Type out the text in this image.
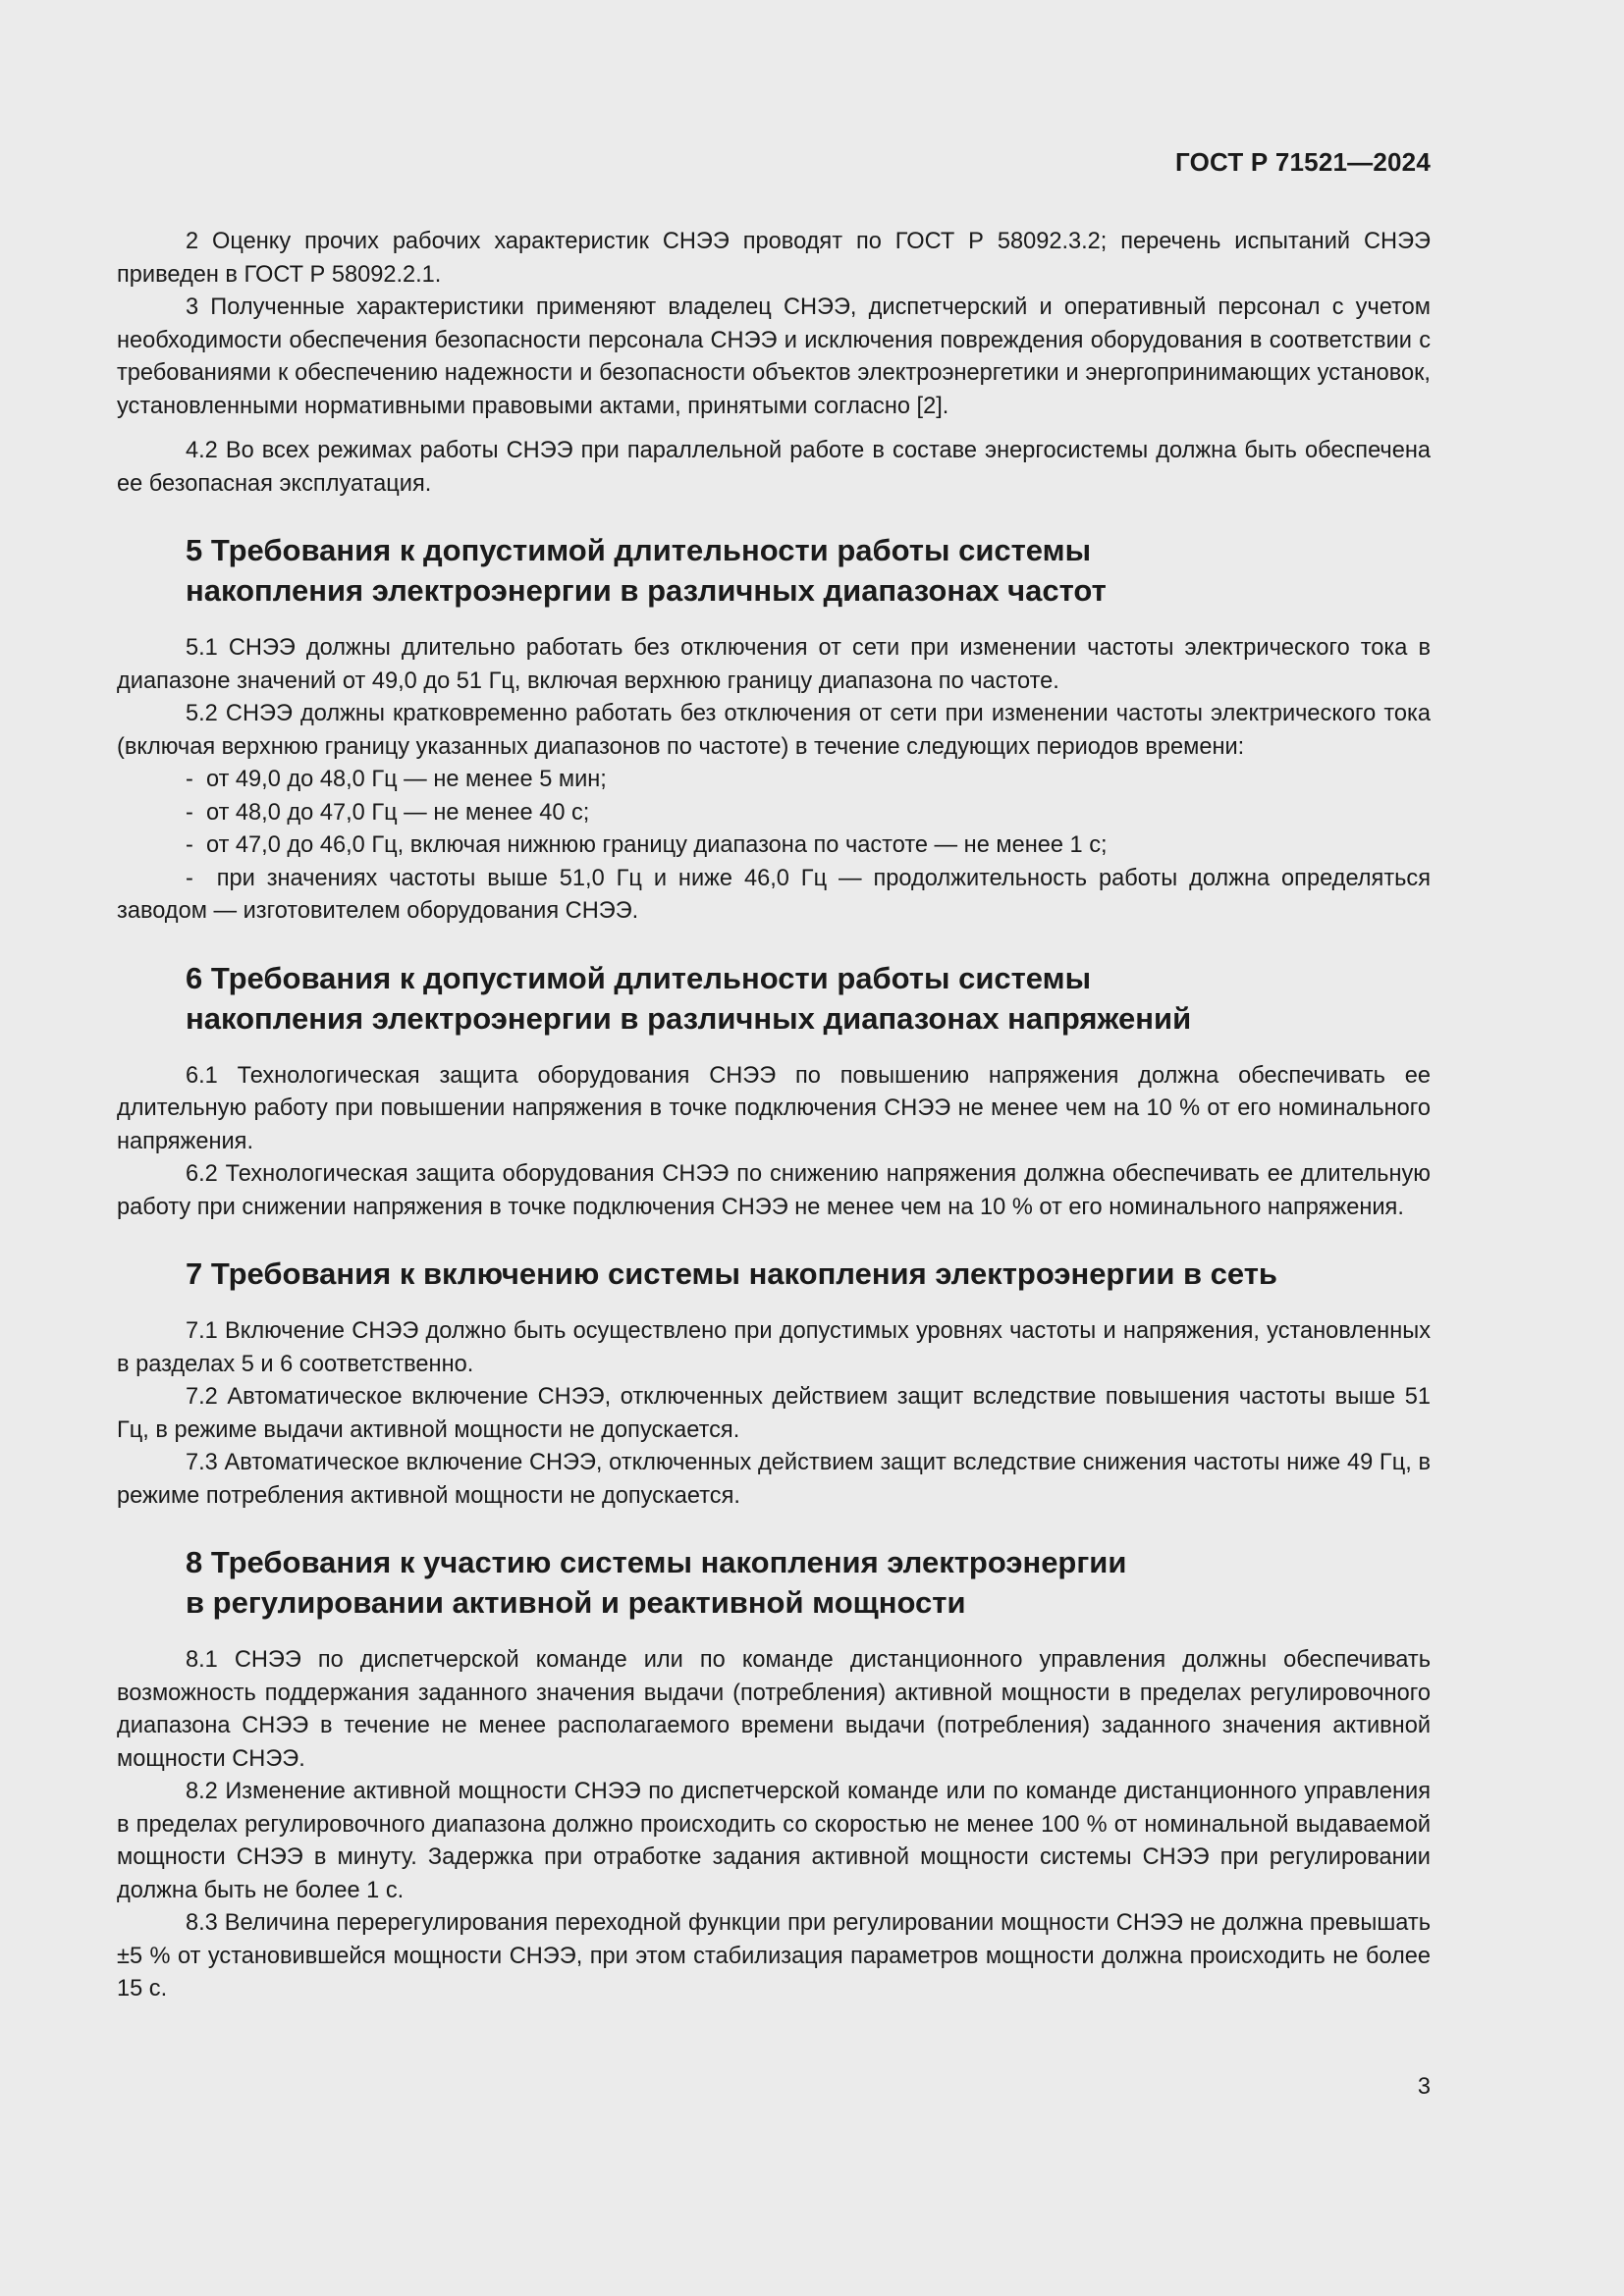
ГОСТ Р 71521—2024

2 Оценку прочих рабочих характеристик СНЭЭ проводят по ГОСТ Р 58092.3.2; перечень испытаний СНЭЭ приведен в ГОСТ Р 58092.2.1.

3 Полученные характеристики применяют владелец СНЭЭ, диспетчерский и оперативный персонал с учетом необходимости обеспечения безопасности персонала СНЭЭ и исключения повреждения оборудования в соответствии с требованиями к обеспечению надежности и безопасности объектов электроэнергетики и энергопринимающих установок, установленными нормативными правовыми актами, принятыми согласно [2].

4.2 Во всех режимах работы СНЭЭ при параллельной работе в составе энергосистемы должна быть обеспечена ее безопасная эксплуатация.

5 Требования к допустимой длительности работы системы
накопления электроэнергии в различных диапазонах частот

5.1 СНЭЭ должны длительно работать без отключения от сети при изменении частоты электрического тока в диапазоне значений от 49,0 до 51 Гц, включая верхнюю границу диапазона по частоте.

5.2 СНЭЭ должны кратковременно работать без отключения от сети при изменении частоты электрического тока (включая верхнюю границу указанных диапазонов по частоте) в течение следующих периодов времени:

-  от 49,0 до 48,0 Гц — не менее 5 мин;
-  от 48,0 до 47,0 Гц — не менее 40 с;
-  от 47,0 до 46,0 Гц, включая нижнюю границу диапазона по частоте — не менее 1 с;
-  при значениях частоты выше 51,0 Гц и ниже 46,0 Гц — продолжительность работы должна определяться заводом — изготовителем оборудования СНЭЭ.
6 Требования к допустимой длительности работы системы
накопления электроэнергии в различных диапазонах напряжений

6.1 Технологическая защита оборудования СНЭЭ по повышению напряжения должна обеспечивать ее длительную работу при повышении напряжения в точке подключения СНЭЭ не менее чем на 10 % от его номинального напряжения.

6.2 Технологическая защита оборудования СНЭЭ по снижению напряжения должна обеспечивать ее длительную работу при снижении напряжения в точке подключения СНЭЭ не менее чем на 10 % от его номинального напряжения.

7 Требования к включению системы накопления электроэнергии в сеть

7.1 Включение СНЭЭ должно быть осуществлено при допустимых уровнях частоты и напряжения, установленных в разделах 5 и 6 соответственно.

7.2 Автоматическое включение СНЭЭ, отключенных действием защит вследствие повышения частоты выше 51 Гц, в режиме выдачи активной мощности не допускается.

7.3 Автоматическое включение СНЭЭ, отключенных действием защит вследствие снижения частоты ниже 49 Гц, в режиме потребления активной мощности не допускается.

8 Требования к участию системы накопления электроэнергии
в регулировании активной и реактивной мощности

8.1 СНЭЭ по диспетчерской команде или по команде дистанционного управления должны обеспечивать возможность поддержания заданного значения выдачи (потребления) активной мощности в пределах регулировочного диапазона СНЭЭ в течение не менее располагаемого времени выдачи (потребления) заданного значения активной мощности СНЭЭ.

8.2 Изменение активной мощности СНЭЭ по диспетчерской команде или по команде дистанционного управления в пределах регулировочного диапазона должно происходить со скоростью не менее 100 % от номинальной выдаваемой мощности СНЭЭ в минуту. Задержка при отработке задания активной мощности системы СНЭЭ при регулировании должна быть не более 1 с.

8.3 Величина перерегулирования переходной функции при регулировании мощности СНЭЭ не должна превышать ±5 % от установившейся мощности СНЭЭ, при этом стабилизация параметров мощности должна происходить не более 15 с.

3
